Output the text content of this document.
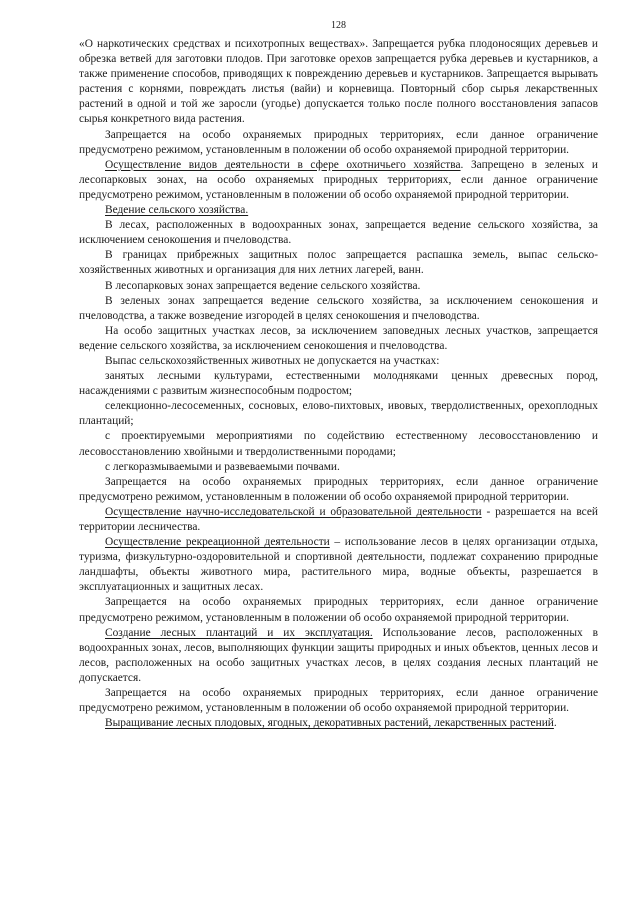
128

«О наркотических средствах и психотропных веществах». Запрещается рубка плодоносящих деревьев и обрезка ветвей для заготовки плодов. При заготовке орехов запрещается рубка деревьев и кустарников, а также применение способов, приводящих к повреждению деревьев и кустарников. Запрещается вырывать растения с корнями, повреждать листья (вайи) и корневища. Повторный сбор сырья лекарственных растений в одной и той же заросли (угодье) допускается только после полного восстановления запасов сырья конкретного вида растения.

Запрещается на особо охраняемых природных территориях, если данное ограничение предусмотрено режимом, установленным в положении об особо охраняемой природной территории.

Осуществление видов деятельности в сфере охотничьего хозяйства. Запрещено в зеленых и лесопарковых зонах, на особо охраняемых природных территориях, если данное ограничение предусмотрено режимом, установленным в положении об особо охраняемой природной территории.

Ведение сельского хозяйства.

В лесах, расположенных в водоохранных зонах, запрещается ведение сельского хозяйства, за исключением сенокошения и пчеловодства.

В границах прибрежных защитных полос запрещается распашка земель, выпас сельскохозяйственных животных и организация для них летних лагерей, ванн.

В лесопарковых зонах запрещается ведение сельского хозяйства.

В зеленых зонах запрещается ведение сельского хозяйства, за исключением сенокошения и пчеловодства, а также возведение изгородей в целях сенокошения и пчеловодства.

На особо защитных участках лесов, за исключением заповедных лесных участков, запрещается ведение сельского хозяйства, за исключением сенокошения и пчеловодства.

Выпас сельскохозяйственных животных не допускается на участках:

занятых лесными культурами, естественными молодняками ценных древесных пород, насаждениями с развитым жизнеспособным подростом;

селекционно-лесосеменных, сосновых, елово-пихтовых, ивовых, твердолиственных, орехоплодных плантаций;

с проектируемыми мероприятиями по содействию естественному лесовосстановлению и лесовосстановлению хвойными и твердолиственными породами;

с легкоразмываемыми и развеваемыми почвами.

Запрещается на особо охраняемых природных территориях, если данное ограничение предусмотрено режимом, установленным в положении об особо охраняемой природной территории.

Осуществление научно-исследовательской и образовательной деятельности - разрешается на всей территории лесничества.

Осуществление рекреационной деятельности – использование лесов в целях организации отдыха, туризма, физкультурно-оздоровительной и спортивной деятельности, подлежат сохранению природные ландшафты, объекты животного мира, растительного мира, водные объекты, разрешается в эксплуатационных и защитных лесах.

Запрещается на особо охраняемых природных территориях, если данное ограничение предусмотрено режимом, установленным в положении об особо охраняемой природной территории.

Создание лесных плантаций и их эксплуатация. Использование лесов, расположенных в водоохранных зонах, лесов, выполняющих функции защиты природных и иных объектов, ценных лесов и лесов, расположенных на особо защитных участках лесов, в целях создания лесных плантаций не допускается.

Запрещается на особо охраняемых природных территориях, если данное ограничение предусмотрено режимом, установленным в положении об особо охраняемой природной территории.

Выращивание лесных плодовых, ягодных, декоративных растений, лекарственных растений.
